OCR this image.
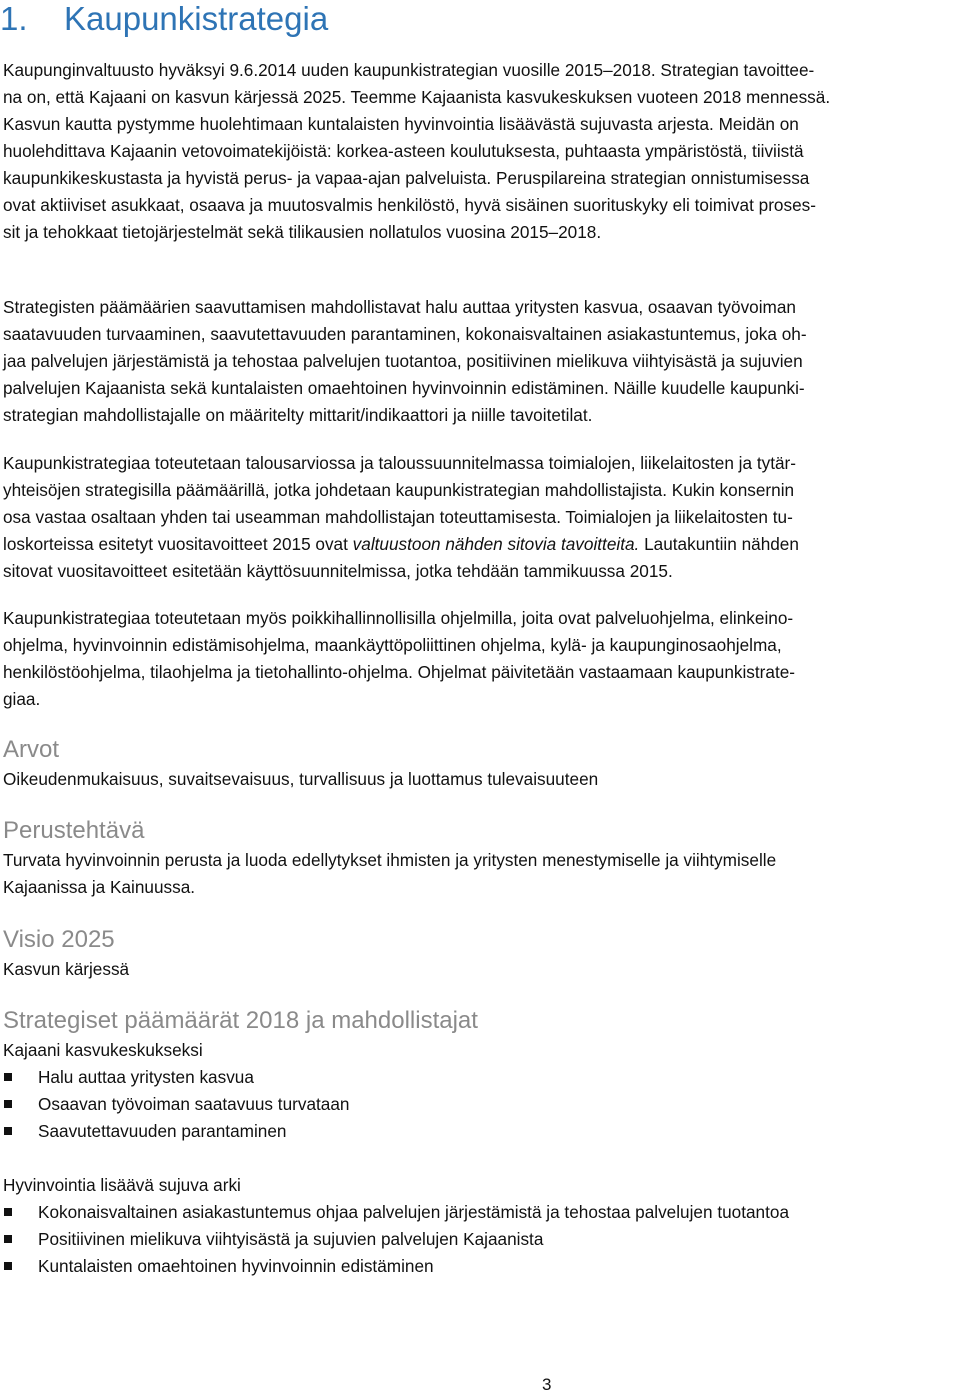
1. Kaupunkistrategia
Kaupunginvaltuusto hyväksyi 9.6.2014 uuden kaupunkistrategian vuosille 2015–2018. Strategian tavoittee-
na on, että Kajaani on kasvun kärjessä 2025. Teemme Kajaanista kasvukeskuksen vuoteen 2018 mennessä.
Kasvun kautta pystymme huolehtimaan kuntalaisten hyvinvointia lisäävästä sujuvasta arjesta. Meidän on
huolehdittava Kajaanin vetovoimatekijöistä: korkea-asteen koulutuksesta, puhtaasta ympäristöstä, tiiviistä
kaupunkikeskustasta ja hyvistä perus- ja vapaa-ajan palveluista. Peruspilareina strategian onnistumisessa
ovat aktiiviset asukkaat, osaava ja muutosvalmis henkilöstö, hyvä sisäinen suorituskyky eli toimivat proses-
sit ja tehokkaat tietojärjestelmät sekä tilikausien nollatulos vuosina 2015–2018.
Strategisten päämäärien saavuttamisen mahdollistavat halu auttaa yritysten kasvua, osaavan työvoiman
saatavuuden turvaaminen, saavutettavuuden parantaminen, kokonaisvaltainen asiakastuntemus, joka oh-
jaa palvelujen järjestämistä ja tehostaa palvelujen tuotantoa, positiivinen mielikuva viihtyisästä ja sujuvien
palvelujen Kajaanista sekä kuntalaisten omaehtoinen hyvinvoinnin edistäminen. Näille kuudelle kaupunki-
strategian mahdollistajalle on määritelty mittarit/indikaattori ja niille tavoitetilat.
Kaupunkistrategiaa toteutetaan talousarviossa ja taloussuunnitelmassa toimialojen, liikelaitosten ja tytär-
yhteisöjen strategisilla päämäärillä, jotka johdetaan kaupunkistrategian mahdollistajista. Kukin konsernin
osa vastaa osaltaan yhden tai useamman mahdollistajan toteuttamisesta. Toimialojen ja liikelaitosten tu-
loskorteissa esitetyt vuositavoitteet 2015 ovat valtuustoon nähden sitovia tavoitteita. Lautakuntiin nähden
sitovat vuositavoitteet esitetään käyttösuunnitelmissa, jotka tehdään tammikuussa 2015.
Kaupunkistrategiaa toteutetaan myös poikkihallinnollisilla ohjelmilla, joita ovat palveluohjelma, elinkeino-
ohjelma, hyvinvoinnin edistämisohjelma, maankäyttöpoliittinen ohjelma, kylä- ja kaupunginosaohjelma,
henkilöstöohjelma, tilaohjelma ja tietohallinto-ohjelma. Ohjelmat päivitetään vastaamaan kaupunkistrate-
giaa.
Arvot
Oikeudenmukaisuus, suvaitsevaisuus, turvallisuus ja luottamus tulevaisuuteen
Perustehtävä
Turvata hyvinvoinnin perusta ja luoda edellytykset ihmisten ja yritysten menestymiselle ja viihtymiselle
Kajaanissa ja Kainuussa.
Visio 2025
Kasvun kärjessä
Strategiset päämäärät 2018 ja mahdollistajat

Kajaani kasvukeskukseksi

Halu auttaa yritysten kasvua
Osaavan työvoiman saatavuus turvataan
Saavutettavuuden parantaminen

Hyvinvointia lisäävä sujuva arki

Kokonaisvaltainen asiakastuntemus ohjaa palvelujen järjestämistä ja tehostaa palvelujen tuotantoa
Positiivinen mielikuva viihtyisästä ja sujuvien palvelujen Kajaanista
Kuntalaisten omaehtoinen hyvinvoinnin edistäminen
3
